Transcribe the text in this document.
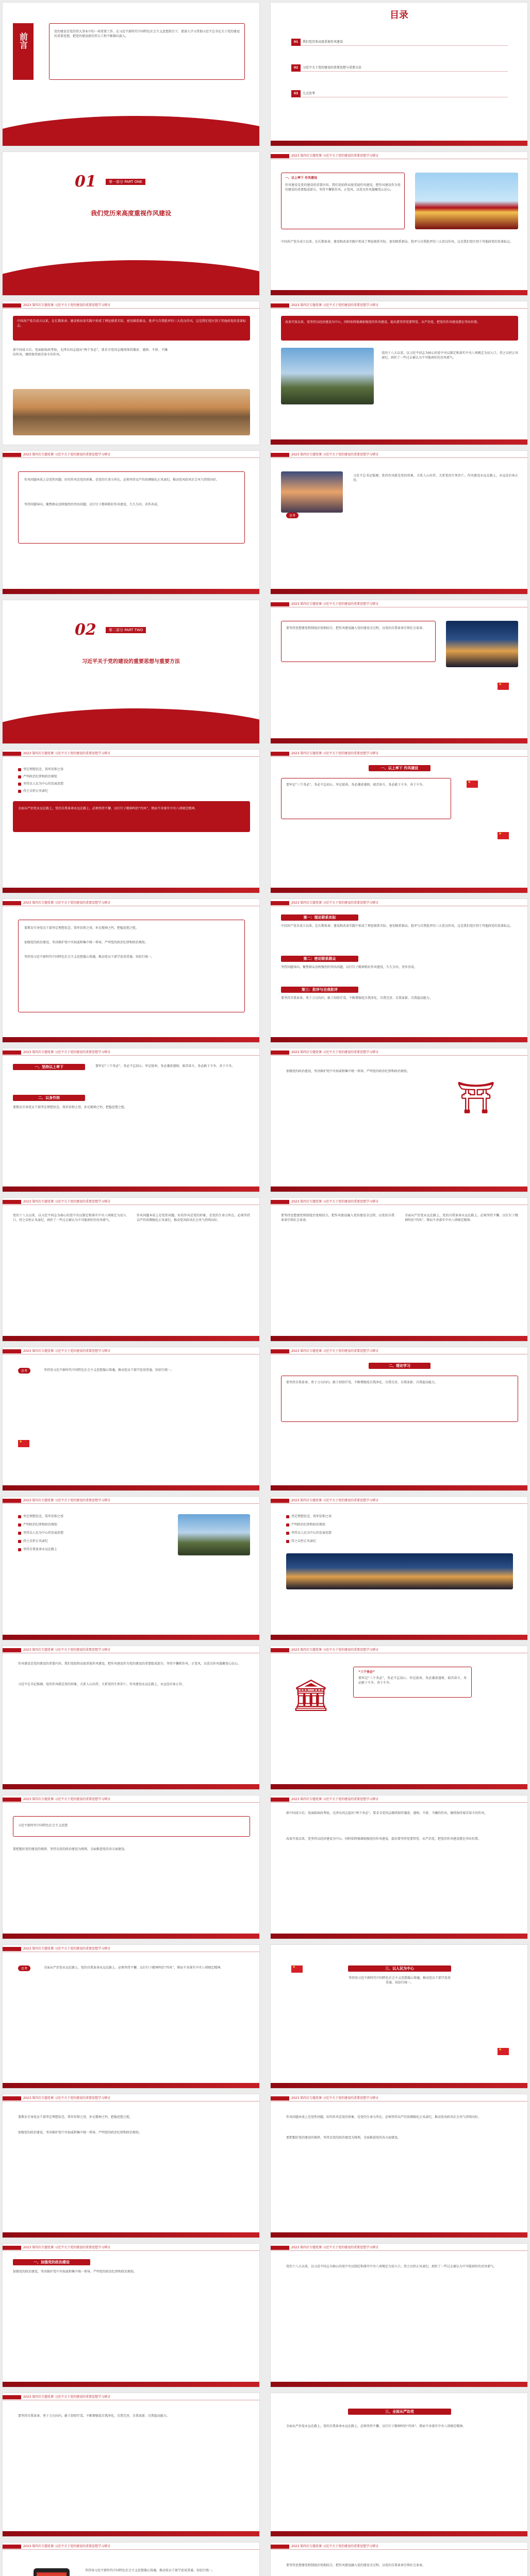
前言
党的建设是党的伟大事业中的一项重要工作。在习近平新时代中国特色社会主义思想指引下，要深入学习贯彻习近平总书记关于党的建设的重要思想，把党的建设新的伟大工程不断推向深入。
目录
01 我们党历来高度重视作风建设
02 习近平关于党的建设的重要思想与重要方法
03 几点思考
01	第一部分 PART ONE
我们党历来高度重视作风建设
2023 第四次专题党课 习近平关于党的建设的重要思想学习研讨
一、以上率下 作风建设
作风建设是党的建设的重要内容。我们党始终高度重视作风建设，把作风建设作为党的建设的重要组成部分，坚持不懈抓作风、正党风，以优良作风凝聚党心民心。
中国共产党自成立以来，在长期革命、建设和改革实践中形成了理论联系实际、密切联系群众、批评与自我批评的三大优良作风，这是我们党区别于其他政党的显著标志。
2023 第四次专题党课 习近平关于党的建设的重要思想学习研讨
中国共产党自成立以来，在长期革命、建设和改革实践中形成了理论联系实际、密切联系群众、批评与自我批评的三大优良作风，这是我们党区别于其他政党的显著标志。
新中国成立后，党面临执政考验，毛泽东同志提出“两个务必”，要求全党同志继续保持谦虚、谨慎、不骄、不躁的作风，继续保持艰苦奋斗的作风。
2023 第四次专题党课 习近平关于党的建设的重要思想学习研讨
改革开放以来，党坚持以经济建设为中心，同时始终强调加强党的作风建设，提出要坚持党要管党、从严治党，把党的作风建设摆在突出位置。
党的十八大以来，以习近平同志为核心的党中央以制定和落实中央八项规定为切入口，持之以恒正风肃纪，刹住了一些过去被认为不可能刹住的歪风邪气。
2023 第四次专题党课 习近平关于党的建设的重要思想学习研讨
作风问题本质上是党性问题。好的作风是党的形象，是党的生命力所在。必须坚持以严的基调强化正风肃纪，推动党风政风社会风气持续向好。
坚持问题导向，聚焦群众反映强烈的突出问题，以钉钉子精神抓好作风建设，久久为功、善作善成。
2023 第四次专题党课 习近平关于党的建设的重要思想学习研讨
思考
习近平总书记强调，党的作风就是党的形象，关系人心向背，关系党的生死存亡。作风建设永远在路上，永远没有休止符。
02	第二部分 PART TWO
习近平关于党的建设的重要思想与重要方法
2023 第四次专题党课 习近平关于党的建设的重要思想学习研讨
要坚持思想建党和制度治党相结合，把作风建设融入党的建设全过程，以党的自我革命引领社会革命。
★
2023 第四次专题党课 习近平关于党的建设的重要思想学习研讨
坚定理想信念，筑牢信仰之基
严明政治纪律和政治规矩
坚持以人民为中心的发展思想
持之以恒正风肃纪
全面从严治党永远在路上，党的自我革命永远在路上。必须坚持不懈，以钉钉子精神纠治“四风”，锲而不舍落实中央八项规定精神。
2023 第四次专题党课 习近平关于党的建设的重要思想学习研讨
一、以上率下 作风建设
要牢记“三个务必”，务必不忘初心、牢记使命，务必谦虚谨慎、艰苦奋斗，务必敢于斗争、善于斗争。
★
★
2023 第四次专题党课 习近平关于党的建设的重要思想学习研讨
要教育引导党员干部坚定理想信念，筑牢信仰之基，补足精神之钙，把稳思想之舵。
加强党的政治建设，坚决维护党中央权威和集中统一领导，严明党的政治纪律和政治规矩。
坚持用习近平新时代中国特色社会主义思想凝心铸魂，推动党员干部学思用贯通、知信行统一。
2023 第四次专题党课 习近平关于党的建设的重要思想学习研讨
第一：理论联系实际
中国共产党自成立以来，在长期革命、建设和改革实践中形成了理论联系实际、密切联系群众、批评与自我批评的三大优良作风，这是我们党区别于其他政党的显著标志。
第二：密切联系群众
坚持问题导向，聚焦群众反映强烈的突出问题，以钉钉子精神抓好作风建设，久久为功、善作善成。
第三：批评与自我批评
要坚持自我革命，勇于刀刃向内，敢于刮骨疗毒，不断增强党自我净化、自我完善、自我革新、自我提高能力。
2023 第四次专题党课 习近平关于党的建设的重要思想学习研讨
一、坚持以上率下	要牢记“三个务必”，务必不忘初心、牢记使命，务必谦虚谨慎、艰苦奋斗，务必敢于斗争、善于斗争。
二、以身作则
要教育引导党员干部坚定理想信念，筑牢信仰之基，补足精神之钙，把稳思想之舵。
2023 第四次专题党课 习近平关于党的建设的重要思想学习研讨
加强党的政治建设，坚决维护党中央权威和集中统一领导，严明党的政治纪律和政治规矩。
⛩
2023 第四次专题党课 习近平关于党的建设的重要思想学习研讨
党的十八大以来，以习近平同志为核心的党中央以制定和落实中央八项规定为切入口，持之以恒正风肃纪，刹住了一些过去被认为不可能刹住的歪风邪气。
作风问题本质上是党性问题。好的作风是党的形象，是党的生命力所在。必须坚持以严的基调强化正风肃纪，推动党风政风社会风气持续向好。
2023 第四次专题党课 习近平关于党的建设的重要思想学习研讨
要坚持思想建党和制度治党相结合，把作风建设融入党的建设全过程，以党的自我革命引领社会革命。
全面从严治党永远在路上，党的自我革命永远在路上。必须坚持不懈，以钉钉子精神纠治“四风”，锲而不舍落实中央八项规定精神。
2023 第四次专题党课 习近平关于党的建设的重要思想学习研讨
思考	坚持用习近平新时代中国特色社会主义思想凝心铸魂，推动党员干部学思用贯通、知信行统一。
★
2023 第四次专题党课 习近平关于党的建设的重要思想学习研讨
二、理论学习
要坚持自我革命，勇于刀刃向内，敢于刮骨疗毒，不断增强党自我净化、自我完善、自我革新、自我提高能力。
2023 第四次专题党课 习近平关于党的建设的重要思想学习研讨
坚定理想信念，筑牢信仰之基
严明政治纪律和政治规矩
坚持以人民为中心的发展思想
持之以恒正风肃纪
坚持自我革命永远在路上
2023 第四次专题党课 习近平关于党的建设的重要思想学习研讨
坚定理想信念，筑牢信仰之基
严明政治纪律和政治规矩
坚持以人民为中心的发展思想
持之以恒正风肃纪
2023 第四次专题党课 习近平关于党的建设的重要思想学习研讨
作风建设是党的建设的重要内容。我们党始终高度重视作风建设，把作风建设作为党的建设的重要组成部分，坚持不懈抓作风、正党风，以优良作风凝聚党心民心。
习近平总书记强调，党的作风就是党的形象，关系人心向背，关系党的生死存亡。作风建设永远在路上，永远没有休止符。
2023 第四次专题党课 习近平关于党的建设的重要思想学习研讨
“三个务必”
要牢记“三个务必”，务必不忘初心、牢记使命，务必谦虚谨慎、艰苦奋斗，务必敢于斗争、善于斗争。
🏛
2023 第四次专题党课 习近平关于党的建设的重要思想学习研讨
习近平新时代中国特色社会主义思想
要把握好党的建设的规律，坚持以党的政治建设为统领，全面推进党的各方面建设。
2023 第四次专题党课 习近平关于党的建设的重要思想学习研讨
新中国成立后，党面临执政考验，毛泽东同志提出“两个务必”，要求全党同志继续保持谦虚、谨慎、不骄、不躁的作风，继续保持艰苦奋斗的作风。
改革开放以来，党坚持以经济建设为中心，同时始终强调加强党的作风建设，提出要坚持党要管党、从严治党，把党的作风建设摆在突出位置。
2023 第四次专题党课 习近平关于党的建设的重要思想学习研讨
思考	全面从严治党永远在路上，党的自我革命永远在路上。必须坚持不懈，以钉钉子精神纠治“四风”，锲而不舍落实中央八项规定精神。	三、以人民为中心
坚持用习近平新时代中国特色社会主义思想凝心铸魂，推动党员干部学思用贯通、知信行统一。
★
★
2023 第四次专题党课 习近平关于党的建设的重要思想学习研讨
要教育引导党员干部坚定理想信念，筑牢信仰之基，补足精神之钙，把稳思想之舵。
加强党的政治建设，坚决维护党中央权威和集中统一领导，严明党的政治纪律和政治规矩。
2023 第四次专题党课 习近平关于党的建设的重要思想学习研讨
作风问题本质上是党性问题。好的作风是党的形象，是党的生命力所在。必须坚持以严的基调强化正风肃纪，推动党风政风社会风气持续向好。
要把握好党的建设的规律，坚持以党的政治建设为统领，全面推进党的各方面建设。
2023 第四次专题党课 习近平关于党的建设的重要思想学习研讨
一、加强党的政治建设
加强党的政治建设，坚决维护党中央权威和集中统一领导，严明党的政治纪律和政治规矩。
2023 第四次专题党课 习近平关于党的建设的重要思想学习研讨
党的十八大以来，以习近平同志为核心的党中央以制定和落实中央八项规定为切入口，持之以恒正风肃纪，刹住了一些过去被认为不可能刹住的歪风邪气。
2023 第四次专题党课 习近平关于党的建设的重要思想学习研讨
要坚持自我革命，勇于刀刃向内，敢于刮骨疗毒，不断增强党自我净化、自我完善、自我革新、自我提高能力。
三、全面从严治党
全面从严治党永远在路上，党的自我革命永远在路上。必须坚持不懈，以钉钉子精神纠治“四风”，锲而不舍落实中央八项规定精神。
2023 第四次专题党课 习近平关于党的建设的重要思想学习研讨
坚持用习近平新时代中国特色社会主义思想凝心铸魂，推动党员干部学思用贯通、知信行统一。
2023 第四次专题党课 习近平关于党的建设的重要思想学习研讨
要坚持思想建党和制度治党相结合，把作风建设融入党的建设全过程，以党的自我革命引领社会革命。
